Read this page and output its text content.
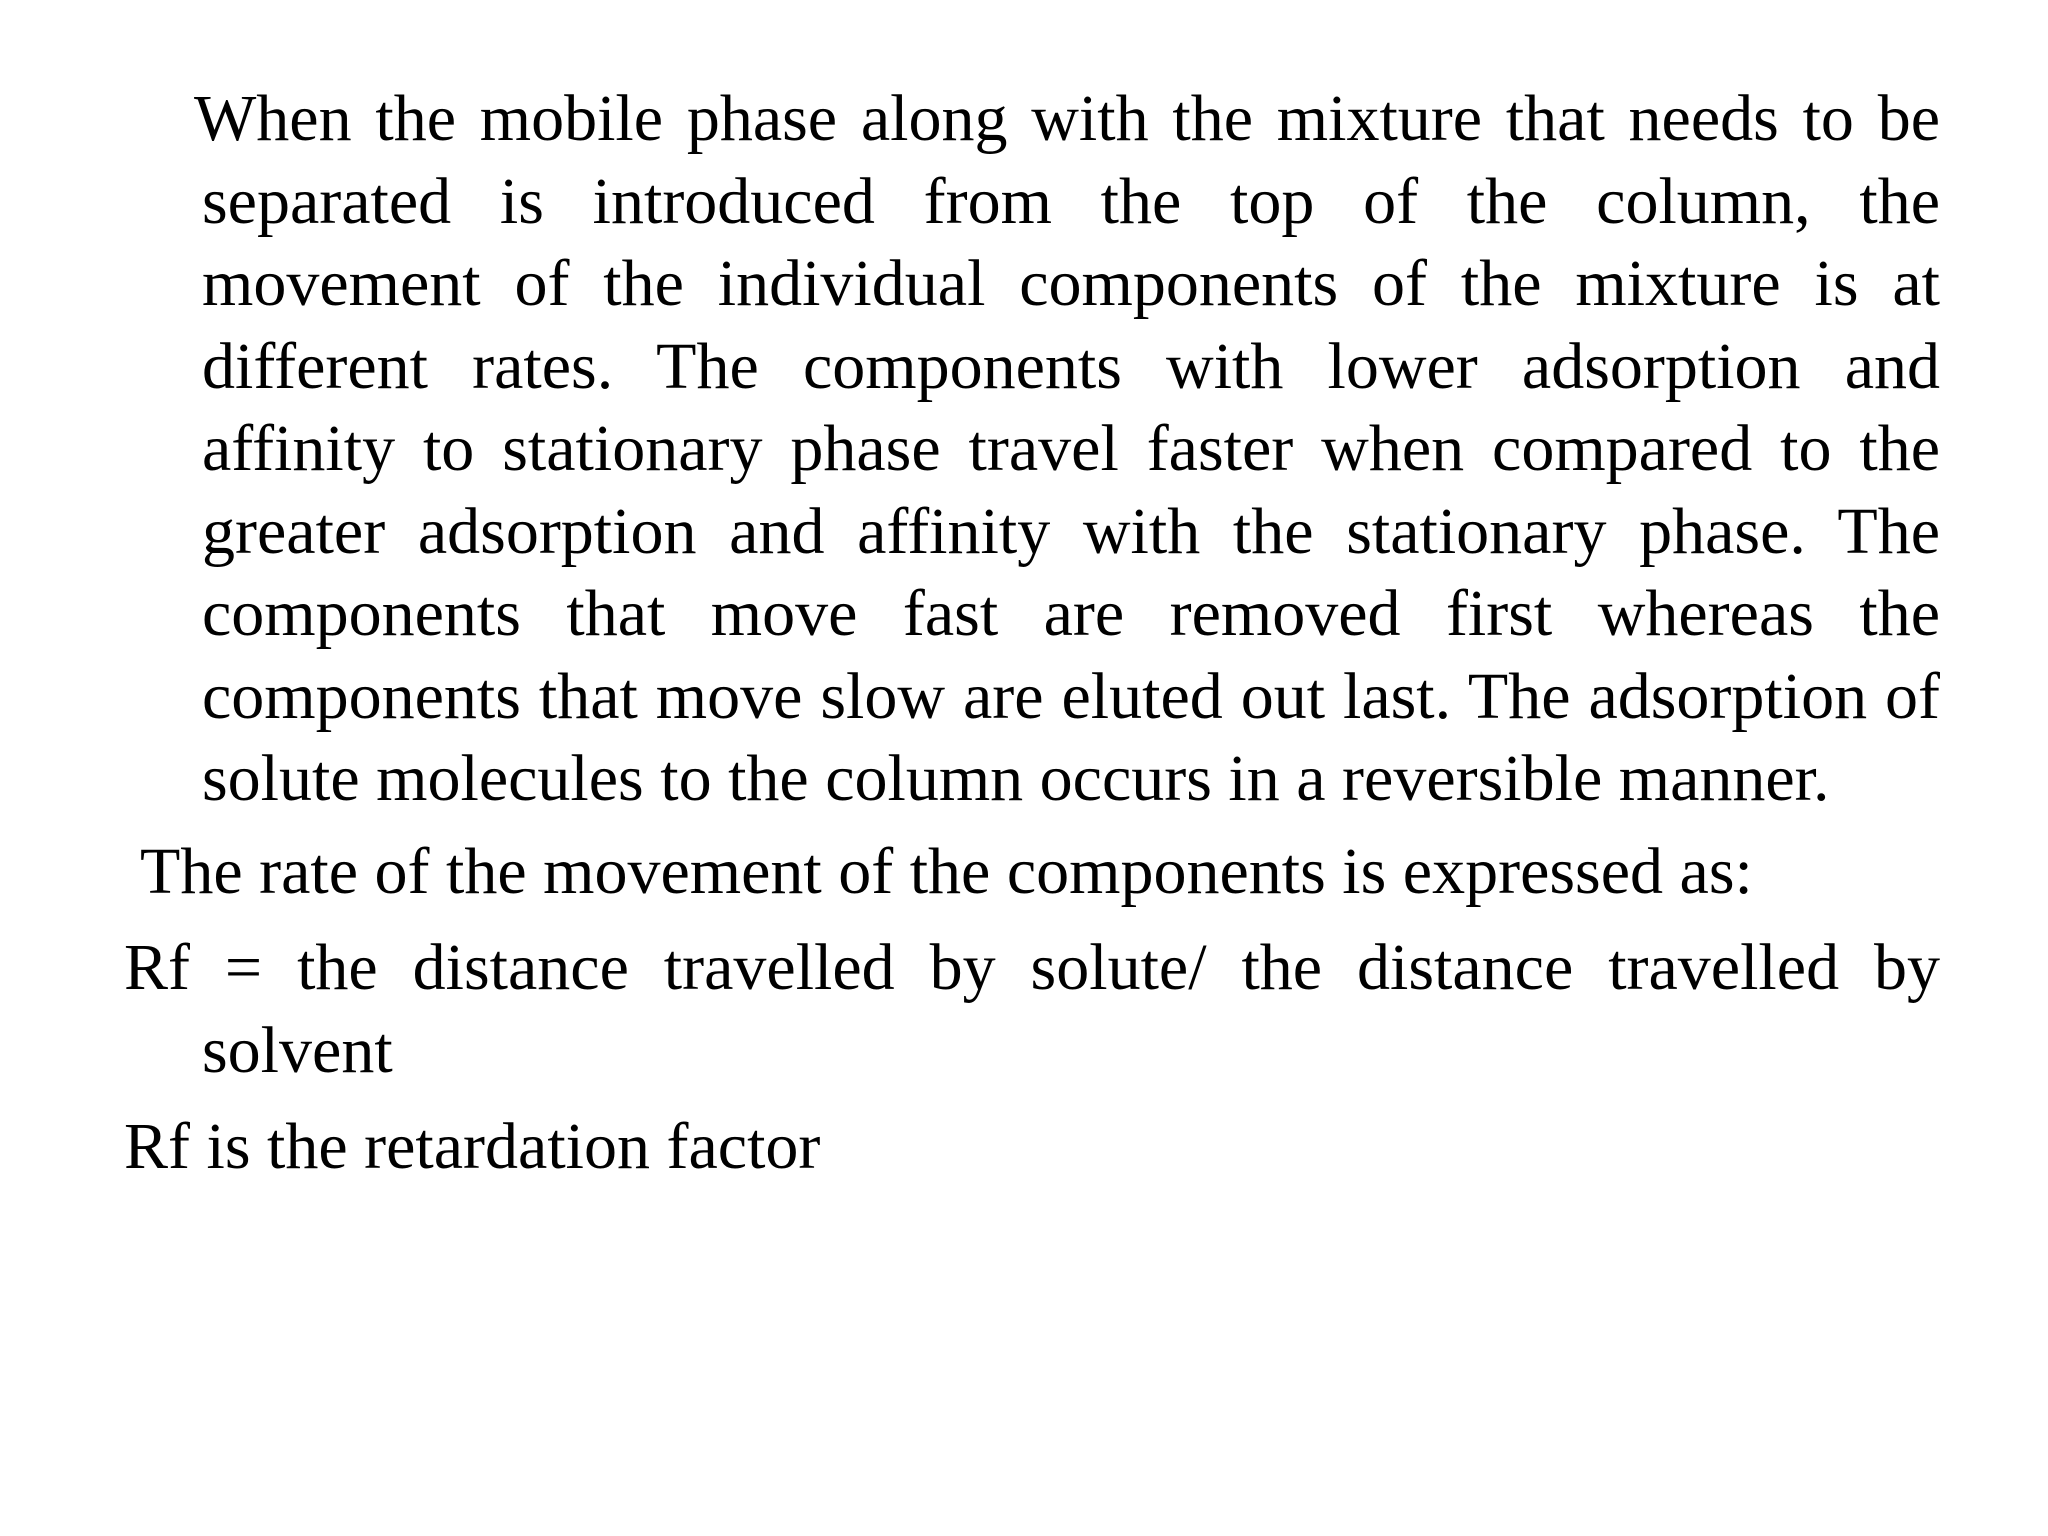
When the mobile phase along with the mixture that needs to be separated is introduced from the top of the column, the movement of the individual components of the mixture is at different rates. The components with lower adsorption and affinity to stationary phase travel faster when compared to the greater adsorption and affinity with the stationary phase. The components that move fast are removed first whereas the components that move slow are eluted out last. The adsorption of solute molecules to the column occurs in a reversible manner.

The rate of the movement of the components is expressed as:

Rf = the distance travelled by solute/ the distance travelled by solvent

Rf is the retardation factor
